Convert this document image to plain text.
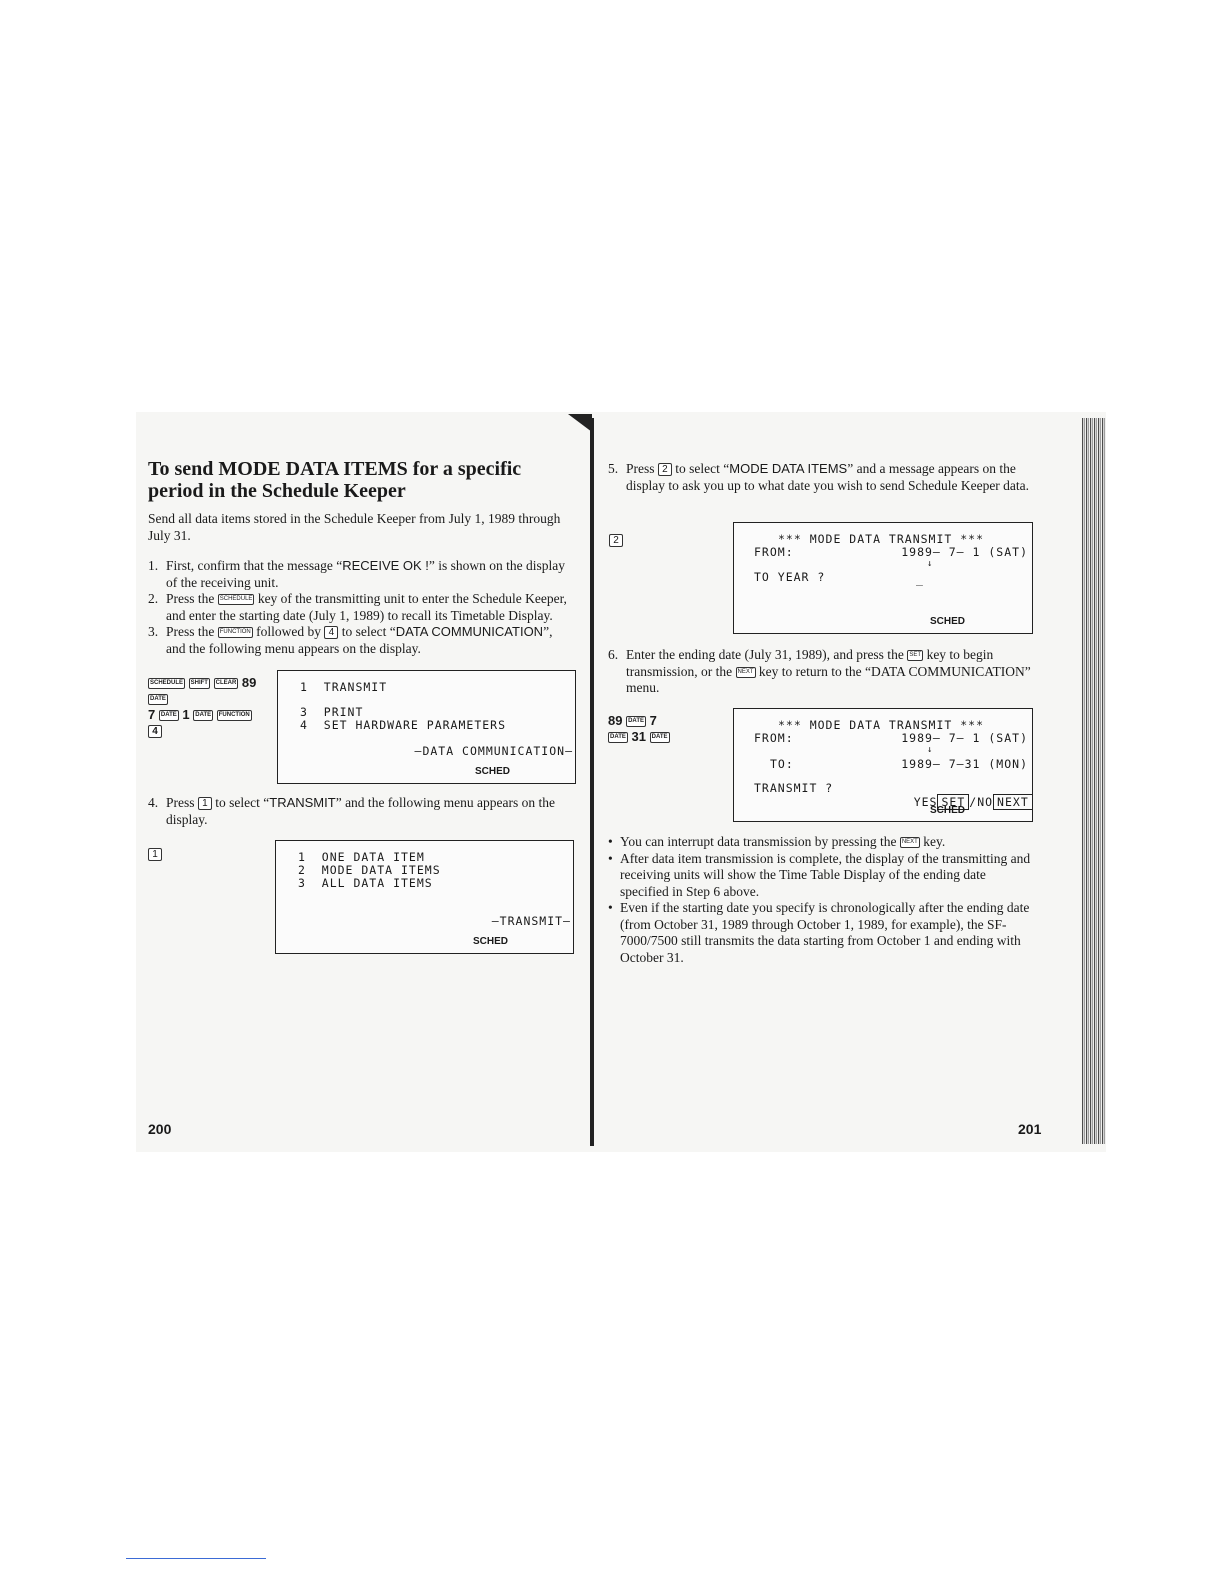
To send MODE DATA ITEMS for a specific period in the Schedule Keeper
Send all data items stored in the Schedule Keeper from July 1, 1989 through July 31.
1. First, confirm that the message “RECEIVE OK !” is shown on the display of the receiving unit.
2. Press the SCHEDULE key of the transmitting unit to enter the Schedule Keeper, and enter the starting date (July 1, 1989) to recall its Timetable Display.
3. Press the FUNCTION followed by 4 to select “DATA COMMUNICATION”, and the following menu appears on the display.
SCHEDULE SHIFT CLEAR 89 DATE
7 DATE 1 DATE FUNCTION 4
1  TRANSMIT
3  PRINT
4  SET HARDWARE PARAMETERS
—DATA COMMUNICATION—
SCHED
4. Press 1 to select “TRANSMIT” and the following menu appears on the display.
1	1  ONE DATA ITEM
2  MODE DATA ITEMS
3  ALL DATA ITEMS
—TRANSMIT—
SCHED
200
5. Press 2 to select “MODE DATA ITEMS” and a message appears on the display to ask you up to what date you wish to send Schedule Keeper data.
2	*** MODE DATA TRANSMIT ***
FROM:	1989— 7— 1 (SAT)
↓
TO YEAR ?	_
SCHED
6. Enter the ending date (July 31, 1989), and press the SET key to begin transmission, or the NEXT key to return to the “DATA COMMUNICATION” menu.
89 DATE 7
DATE 31 DATE
*** MODE DATA TRANSMIT ***
FROM:	1989— 7— 1 (SAT)
↓
TO:	1989— 7—31 (MON)
TRANSMIT ?

YES SET /NO NEXT

SCHED
• You can interrupt data transmission by pressing the NEXT key.
• After data item transmission is complete, the display of the transmitting and receiving units will show the Time Table Display of the ending date specified in Step 6 above.
• Even if the starting date you specify is chronologically after the ending date (from October 31, 1989 through October 1, 1989, for example), the SF-7000/7500 still transmits the data starting from October 1 and ending with October 31.
201
